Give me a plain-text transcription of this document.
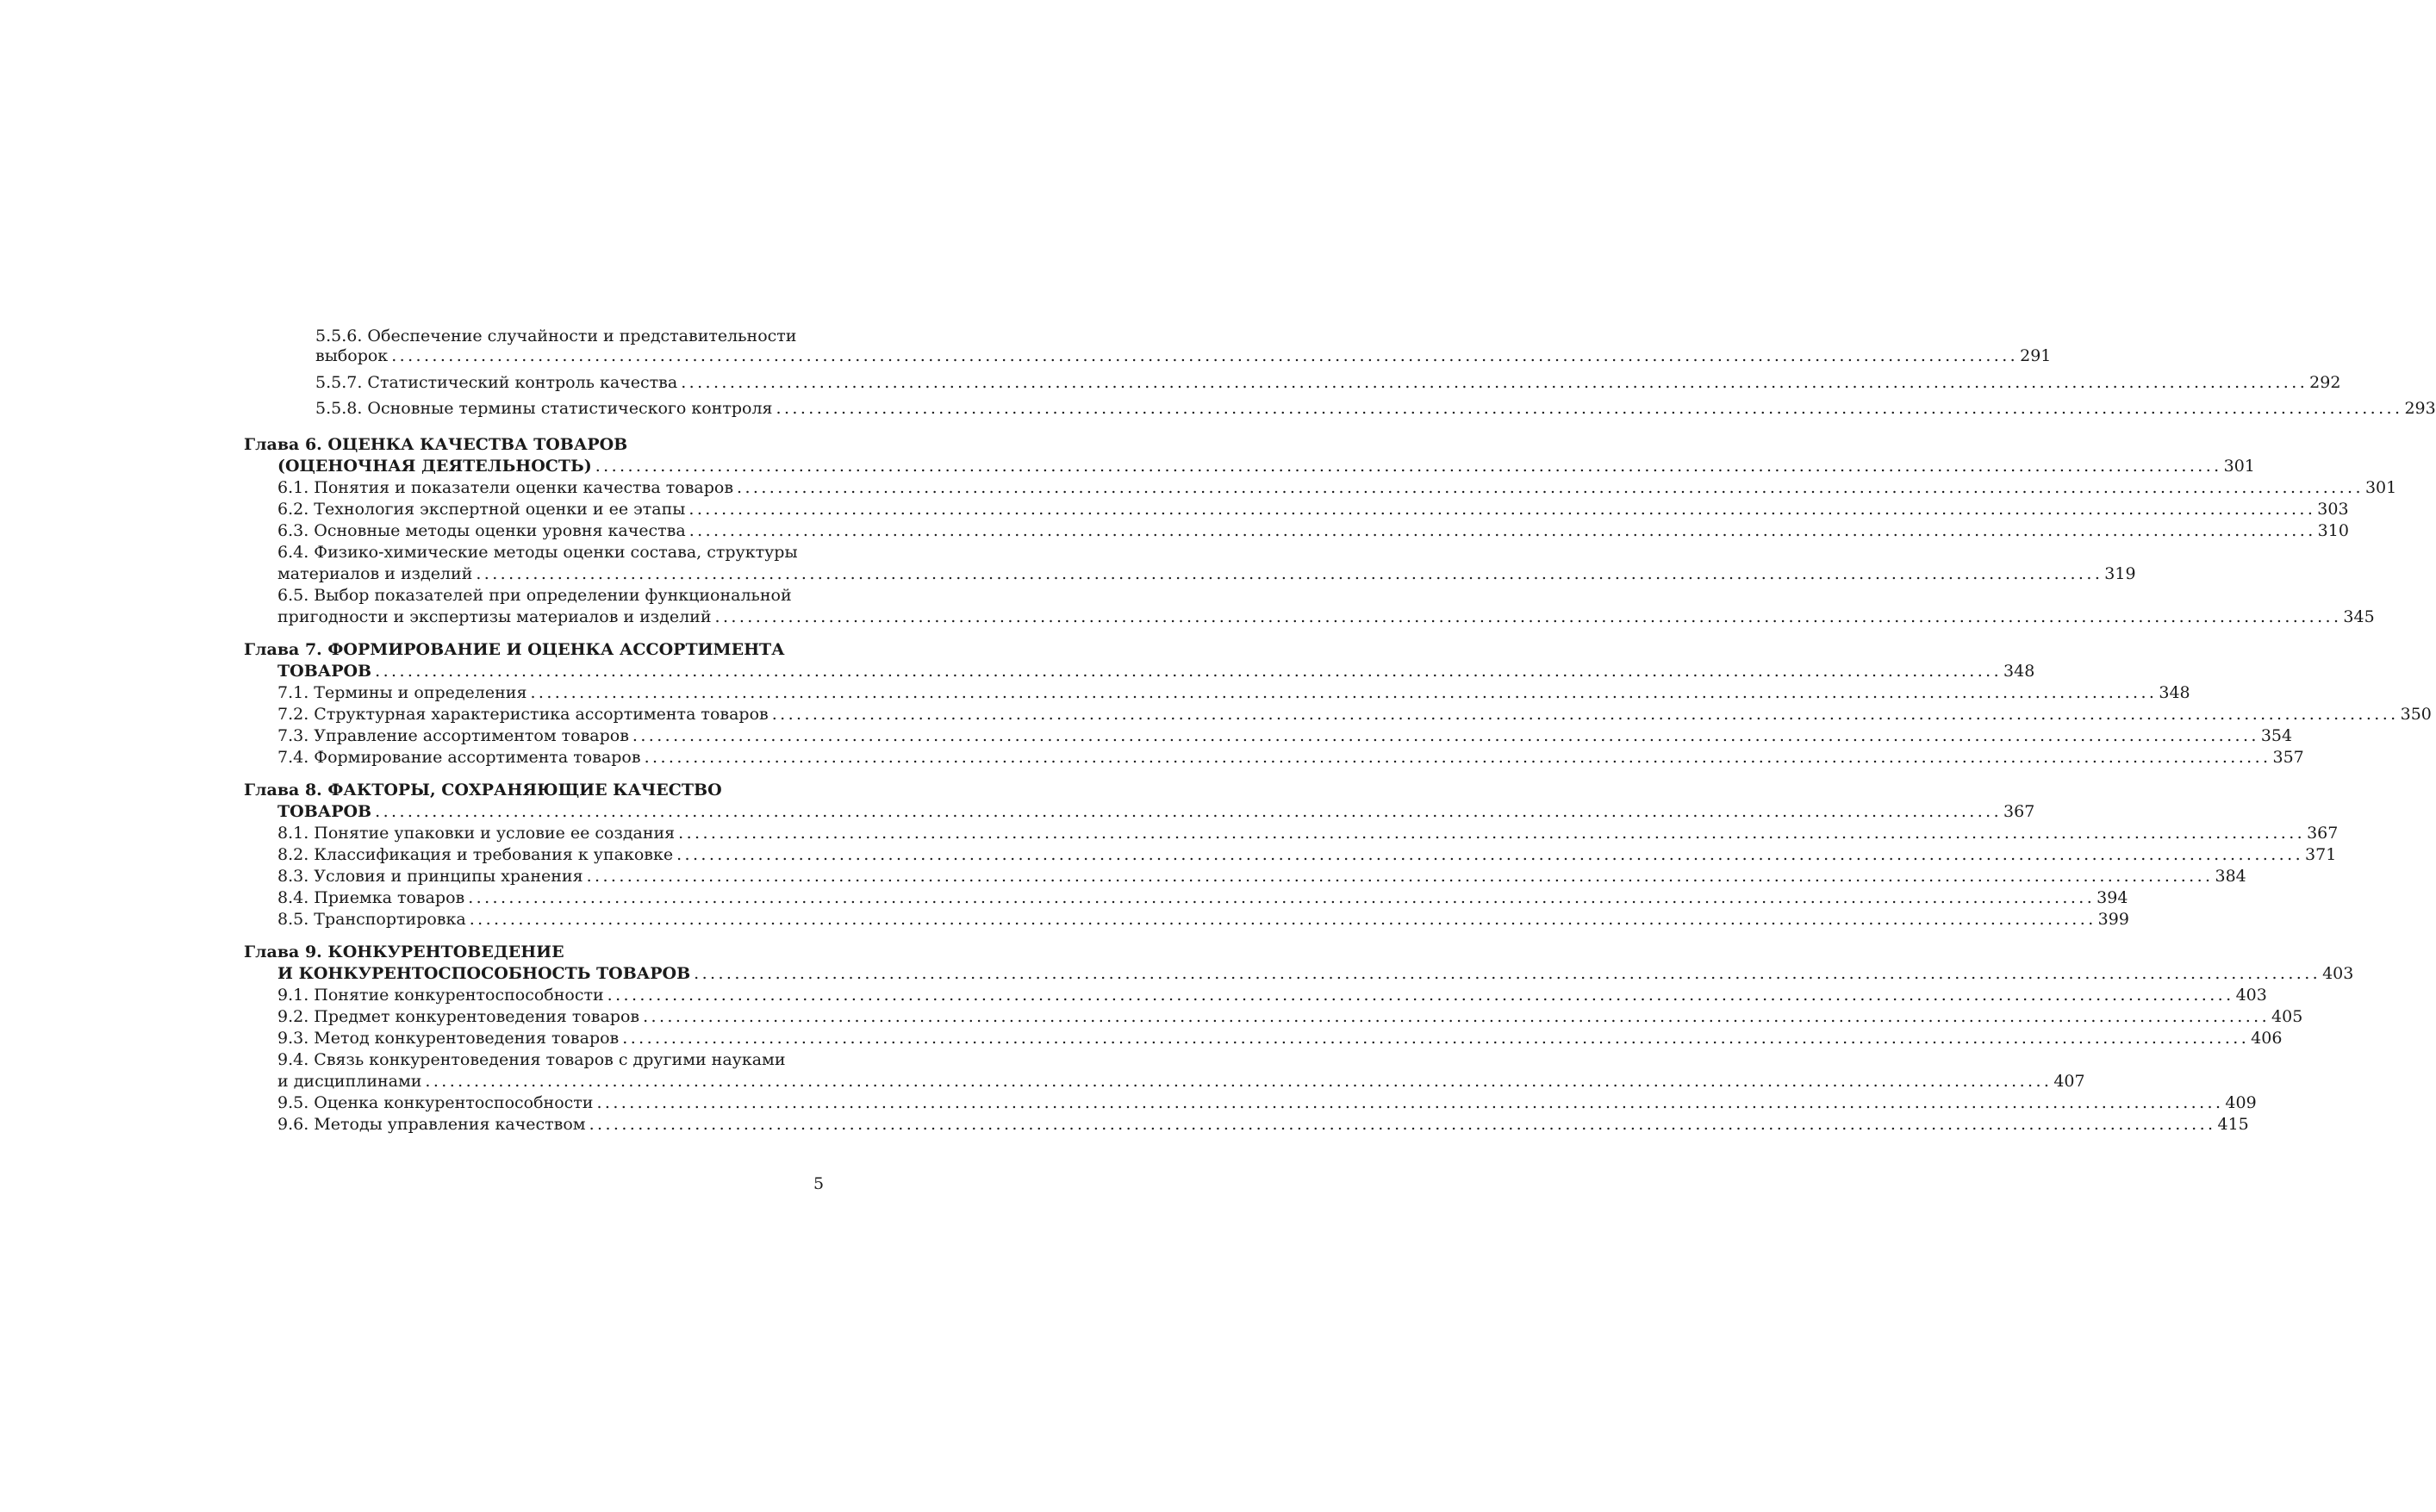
5.5.6. Обеспечение случайности и представительности
выборок ........................................................................................................................................................................................................ 291
5.5.7. Статистический контроль качества ........................................................................................................................................................................................................ 292
5.5.8. Основные термины статистического контроля ........................................................................................................................................................................................................ 293
Глава 6. ОЦЕНКА КАЧЕСТВА ТОВАРОВ
(ОЦЕНОЧНАЯ ДЕЯТЕЛЬНОСТЬ) ........................................................................................................................................................................................................ 301
6.1. Понятия и показатели оценки качества товаров ........................................................................................................................................................................................................ 301
6.2. Технология экспертной оценки и ее этапы ........................................................................................................................................................................................................ 303
6.3. Основные методы оценки уровня качества ........................................................................................................................................................................................................ 310
6.4. Физико-химические методы оценки состава, структуры
материалов и изделий ........................................................................................................................................................................................................ 319
6.5. Выбор показателей при определении функциональной
пригодности и экспертизы материалов и изделий ........................................................................................................................................................................................................ 345
Глава 7. ФОРМИРОВАНИЕ И ОЦЕНКА АССОРТИМЕНТА
ТОВАРОВ ........................................................................................................................................................................................................ 348
7.1. Термины и определения ........................................................................................................................................................................................................ 348
7.2. Структурная характеристика ассортимента товаров ........................................................................................................................................................................................................ 350
7.3. Управление ассортиментом товаров ........................................................................................................................................................................................................ 354
7.4. Формирование ассортимента товаров ........................................................................................................................................................................................................ 357
Глава 8. ФАКТОРЫ, СОХРАНЯЮЩИЕ КАЧЕСТВО
ТОВАРОВ ........................................................................................................................................................................................................ 367
8.1. Понятие упаковки и условие ее создания ........................................................................................................................................................................................................ 367
8.2. Классификация и требования к упаковке ........................................................................................................................................................................................................ 371
8.3. Условия и принципы хранения ........................................................................................................................................................................................................ 384
8.4. Приемка товаров ........................................................................................................................................................................................................ 394
8.5. Транспортировка ........................................................................................................................................................................................................ 399
Глава 9. КОНКУРЕНТОВЕДЕНИЕ
И КОНКУРЕНТОСПОСОБНОСТЬ ТОВАРОВ ........................................................................................................................................................................................................ 403
9.1. Понятие конкурентоспособности ........................................................................................................................................................................................................ 403
9.2. Предмет конкурентоведения товаров ........................................................................................................................................................................................................ 405
9.3. Метод конкурентоведения товаров ........................................................................................................................................................................................................ 406
9.4. Связь конкурентоведения товаров с другими науками
и дисциплинами ........................................................................................................................................................................................................ 407
9.5. Оценка конкурентоспособности ........................................................................................................................................................................................................ 409
9.6. Методы управления качеством ........................................................................................................................................................................................................ 415
5
